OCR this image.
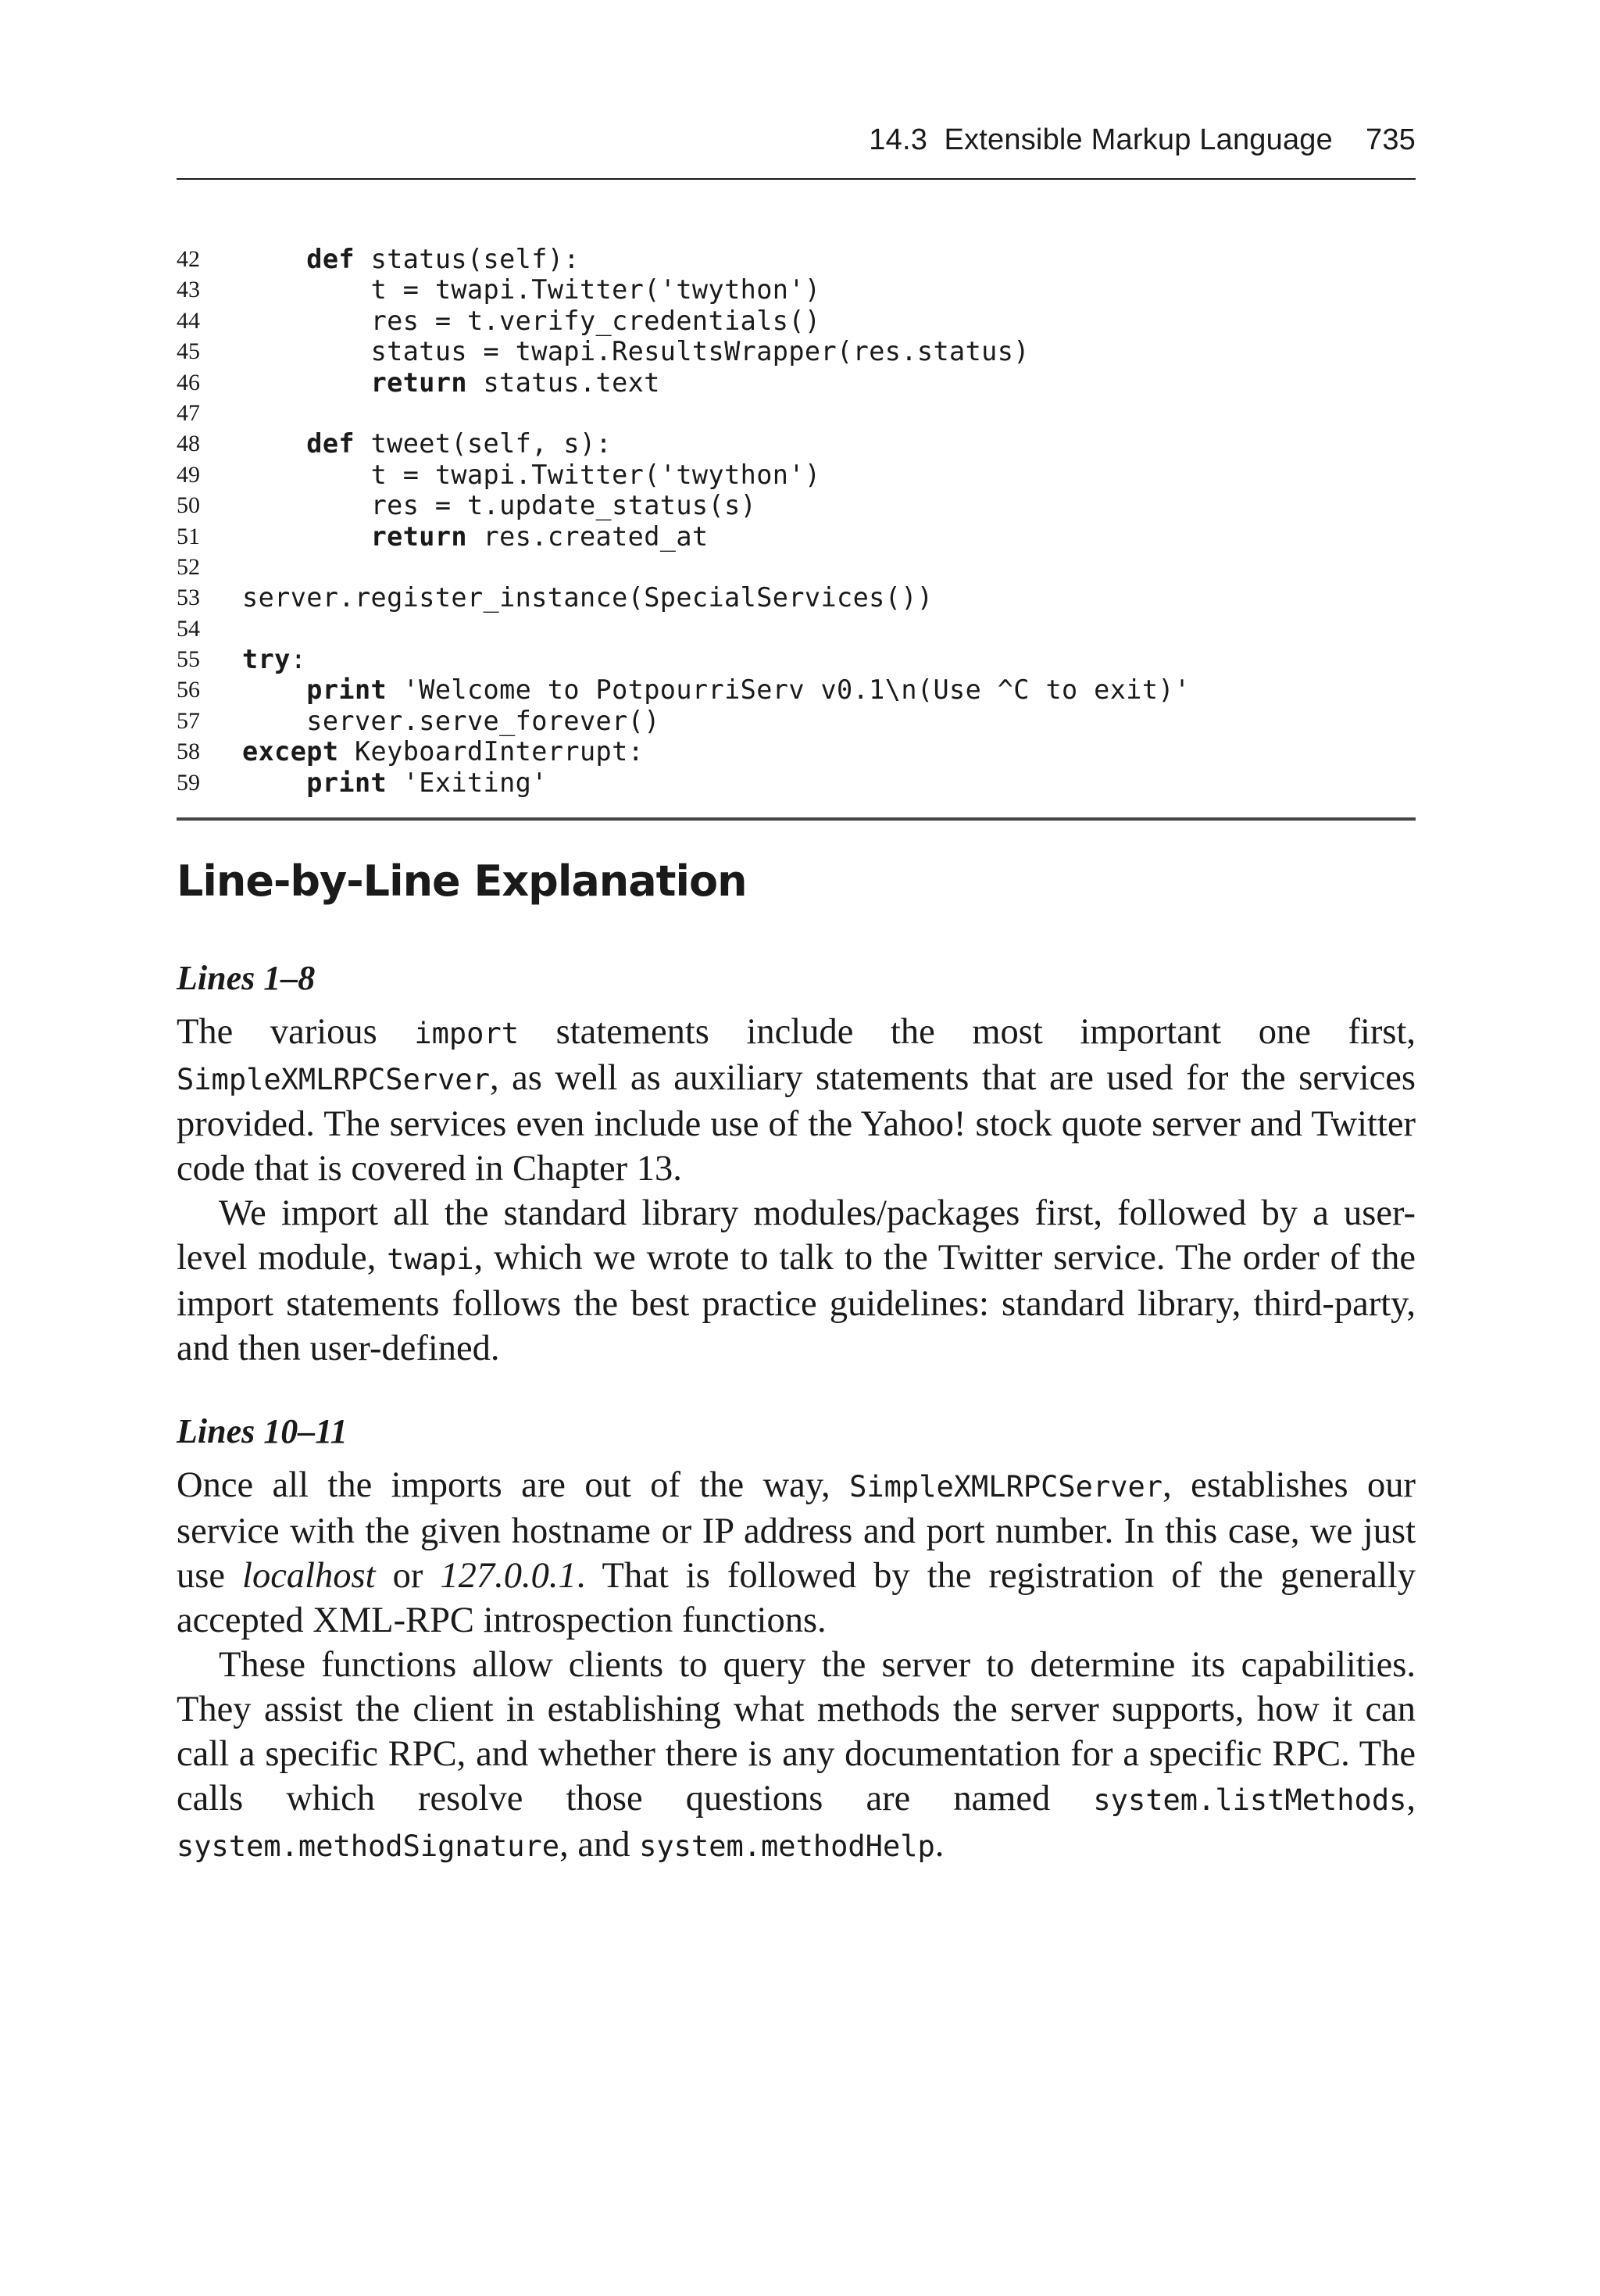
14.3  Extensible Markup Language 735
42	def status(self):
43	t = twapi.Twitter('twython')
44	res = t.verify_credentials()
45	status = twapi.ResultsWrapper(res.status)
46	return status.text
47
48	def tweet(self, s):
49	t = twapi.Twitter('twython')
50	res = t.update_status(s)
51	return res.created_at
52
53 server.register_instance(SpecialServices())
54
55 try:
56	print 'Welcome to PotpourriServ v0.1\n(Use ^C to exit)'
57	server.serve_forever()
58 except KeyboardInterrupt:
59	print 'Exiting'
Line-by-Line Explanation
Lines 1–8

The various import statements include the most important one first, SimpleXMLRPCServer, as well as auxiliary statements that are used for the services provided. The services even include use of the Yahoo! stock quote server and Twitter code that is covered in Chapter 13.

We import all the standard library modules/packages first, followed by a user-level module, twapi, which we wrote to talk to the Twitter service. The order of the import statements follows the best practice guidelines: standard library, third-party, and then user-defined.

Lines 10–11

Once all the imports are out of the way, SimpleXMLRPCServer, establishes our service with the given hostname or IP address and port number. In this case, we just use localhost or 127.0.0.1. That is followed by the registration of the generally accepted XML-RPC introspection functions.

These functions allow clients to query the server to determine its capabilities. They assist the client in establishing what methods the server supports, how it can call a specific RPC, and whether there is any documentation for a specific RPC. The calls which resolve those questions are named system.listMethods, system.methodSignature, and system.methodHelp.
